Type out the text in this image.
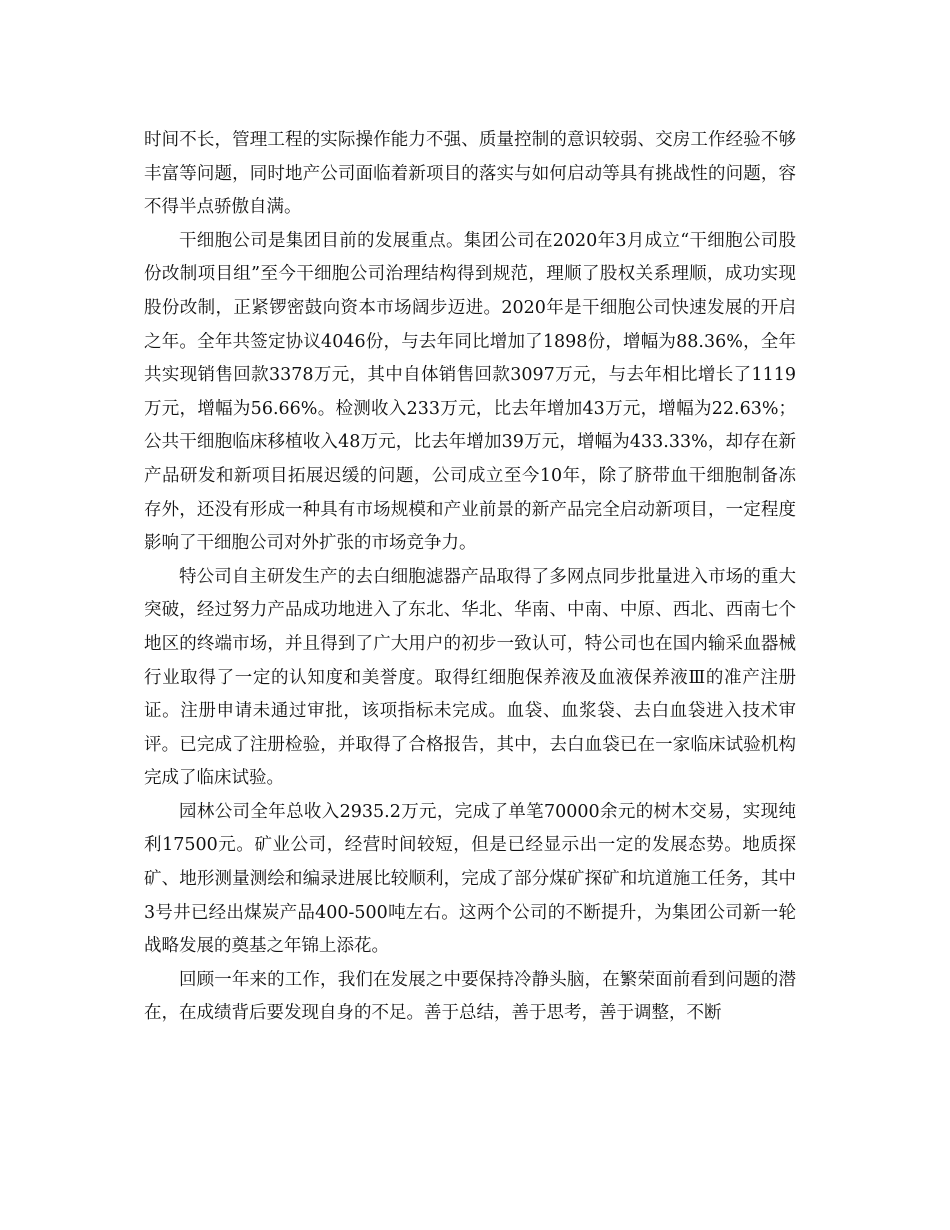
时间不长，管理工程的实际操作能力不强、质量控制的意识较弱、交房工作经验不够丰富等问题，同时地产公司面临着新项目的落实与如何启动等具有挑战性的问题，容不得半点骄傲自满。

干细胞公司是集团目前的发展重点。集团公司在2020年3月成立“干细胞公司股份改制项目组”至今干细胞公司治理结构得到规范，理顺了股权关系理顺，成功实现股份改制，正紧锣密鼓向资本市场阔步迈进。2020年是干细胞公司快速发展的开启之年。全年共签定协议4046份，与去年同比增加了1898份，增幅为88.36%，全年共实现销售回款3378万元，其中自体销售回款3097万元，与去年相比增长了1119万元，增幅为56.66%。检测收入233万元，比去年增加43万元，增幅为22.63%；公共干细胞临床移植收入48万元，比去年增加39万元，增幅为433.33%，却存在新产品研发和新项目拓展迟缓的问题，公司成立至今10年，除了脐带血干细胞制备冻存外，还没有形成一种具有市场规模和产业前景的新产品完全启动新项目，一定程度影响了干细胞公司对外扩张的市场竞争力。

特公司自主研发生产的去白细胞滤器产品取得了多网点同步批量进入市场的重大突破，经过努力产品成功地进入了东北、华北、华南、中南、中原、西北、西南七个地区的终端市场，并且得到了广大用户的初步一致认可，特公司也在国内输采血器械行业取得了一定的认知度和美誉度。取得红细胞保养液及血液保养液Ⅲ的准产注册证。注册申请未通过审批，该项指标未完成。血袋、血浆袋、去白血袋进入技术审评。已完成了注册检验，并取得了合格报告，其中，去白血袋已在一家临床试验机构完成了临床试验。

园林公司全年总收入2935.2万元，完成了单笔70000余元的树木交易，实现纯利17500元。矿业公司，经营时间较短，但是已经显示出一定的发展态势。地质探矿、地形测量测绘和编录进展比较顺利，完成了部分煤矿探矿和坑道施工任务，其中3号井已经出煤炭产品400-500吨左右。这两个公司的不断提升，为集团公司新一轮战略发展的奠基之年锦上添花。

回顾一年来的工作，我们在发展之中要保持冷静头脑，在繁荣面前看到问题的潜在，在成绩背后要发现自身的不足。善于总结，善于思考，善于调整，不断
